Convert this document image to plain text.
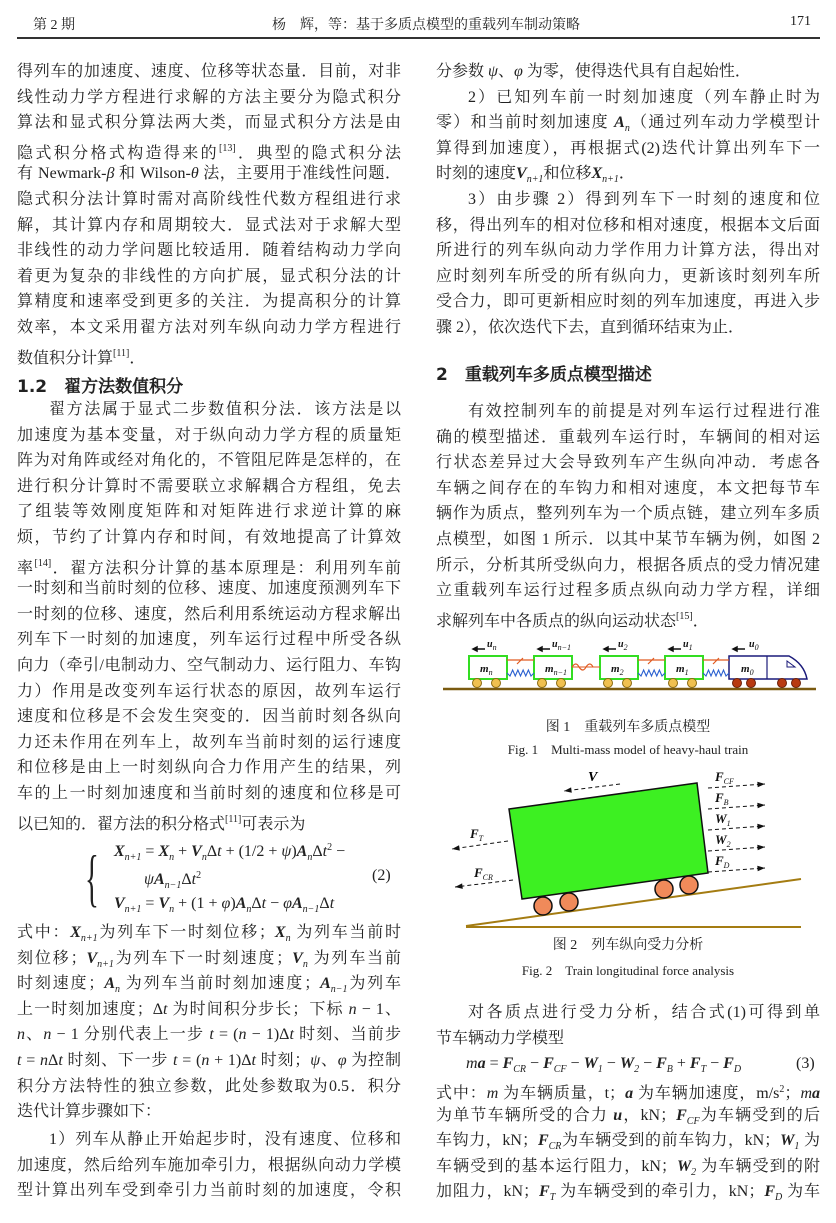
第 2 期	杨　辉，等：基于多质点模型的重载列车制动策略	171
得列车的加速度、速度、位移等状态量．目前，对非
线性动力学方程进行求解的方法主要分为隐式积分
算法和显式积分算法两大类，而显式积分方法是由
隐式积分格式构造得来的[13]．典型的隐式积分法
有 Newmark-β 和 Wilson-θ 法，主要用于准线性问题．
隐式积分法计算时需对高阶线性代数方程组进行求
解，其计算内存和周期较大．显式法对于求解大型
非线性的动力学问题比较适用．随着结构动力学向
着更为复杂的非线性的方向扩展，显式积分法的计
算精度和速率受到更多的关注．为提高积分的计算
效率，本文采用翟方法对列车纵向动力学方程进行
数值积分计算[11]．
1.2　翟方法数值积分
翟方法属于显式二步数值积分法．该方法是以
加速度为基本变量，对于纵向动力学方程的质量矩
阵为对角阵或经对角化的，不管阻尼阵是怎样的，在
进行积分计算时不需要联立求解耦合方程组，免去
了组装等效刚度矩阵和对矩阵进行求逆计算的麻
烦，节约了计算内存和时间，有效地提高了计算效
率[14]．翟方法积分计算的基本原理是：利用列车前
一时刻和当前时刻的位移、速度、加速度预测列车下
一时刻的位移、速度，然后利用系统运动方程求解出
列车下一时刻的加速度，列车运行过程中所受各纵
向力（牵引/电制动力、空气制动力、运行阻力、车钩
力）作用是改变列车运行状态的原因，故列车运行
速度和位移是不会发生突变的．因当前时刻各纵向
力还未作用在列车上，故列车当前时刻的运行速度
和位移是由上一时刻纵向合力作用产生的结果，列
车的上一时刻加速度和当前时刻的速度和位移是可
以已知的．翟方法的积分格式[11]可表示为
{ $X_{n+1} = X_n + V_n\Delta t + (1/2 + \psi)A_n\Delta t^2$ −
$\psi A_{n-1}\Delta t^2$
$V_{n+1} = V_n + (1 + \varphi)A_n\Delta t - \varphi A_{n-1}\Delta t$
(2)
式中：$X_{n+1}$为列车下一时刻位移；$X_n$ 为列车当前时
刻位移；$V_{n+1}$为列车下一时刻速度；$V_n$ 为列车当前
时刻速度；$A_n$ 为列车当前时刻加速度；$A_{n-1}$为列车
上一时刻加速度；Δt 为时间积分步长；下标 n − 1、
n、n − 1 分别代表上一步 t = (n − 1)Δt 时刻、当前步
t = nΔt 时刻、下一步 t = (n + 1)Δt 时刻；ψ、φ 为控制
积分方法特性的独立参数，此处参数取为0.5．积分
迭代计算步骤如下：
1）列车从静止开始起步时，没有速度、位移和
加速度，然后给列车施加牵引力，根据纵向动力学模
型计算出列车受到牵引力当前时刻的加速度，令积
分参数 ψ、φ 为零，使得迭代具有自起始性．
2）已知列车前一时刻加速度（列车静止时为
零）和当前时刻加速度 $A_n$（通过列车动力学模型计
算得到加速度），再根据式(2)迭代计算出列车下一
时刻的速度$V_{n+1}$和位移$X_{n+1}$．
3）由步骤 2）得到列车下一时刻的速度和位
移，得出列车的相对位移和相对速度，根据本文后面
所进行的列车纵向动力学作用力计算方法，得出对
应时刻列车所受的所有纵向力，更新该时刻列车所
受合力，即可更新相应时刻的列车加速度，再进入步
骤 2），依次迭代下去，直到循环结束为止．
2　重载列车多质点模型描述
有效控制列车的前提是对列车运行过程进行准
确的模型描述．重载列车运行时，车辆间的相对运
行状态差异过大会导致列车产生纵向冲动．考虑各
车辆之间存在的车钩力和相对速度，本文把每节车
辆作为质点，整列列车为一个质点链，建立列车多质
点模型，如图 1 所示．以其中某节车辆为例，如图 2
所示，分析其所受纵向力，根据各质点的受力情况建
立重载列车运行过程多质点纵向动力学方程，详细
求解列车中各质点的纵向运动状态[15]．
$m_n$
$u_n$
$m_{n-1}$
$u_{n-1}$
$m_2$
$u_2$
$m_1$
$u_1$
$m_0$
$u_0$
图 1　重载列车多质点模型
Fig. 1　Multi-mass model of heavy-haul train
V	$F_{CF}$
$F_B$
$W_1$
$W_2$
$F_D$
$F_T$
$F_{CR}$
图 2　列车纵向受力分析
Fig. 2　Train longitudinal force analysis
对各质点进行受力分析，结合式(1)可得到单
节车辆动力学模型
ma = $F_{CR} - F_{CF} - W_1 - W_2 - F_B + F_T - F_D$	(3)
式中：m 为车辆质量，t；a 为车辆加速度，$m/s^2$；ma
为单节车辆所受的合力 u，kN；$F_{CF}$为车辆受到的后
车钩力，kN；$F_{CR}$为车辆受到的前车钩力，kN；$W_1$ 为
车辆受到的基本运行阻力，kN；$W_2$ 为车辆受到的附
加阻力，kN；$F_T$ 为车辆受到的牵引力，kN；$F_D$ 为车
